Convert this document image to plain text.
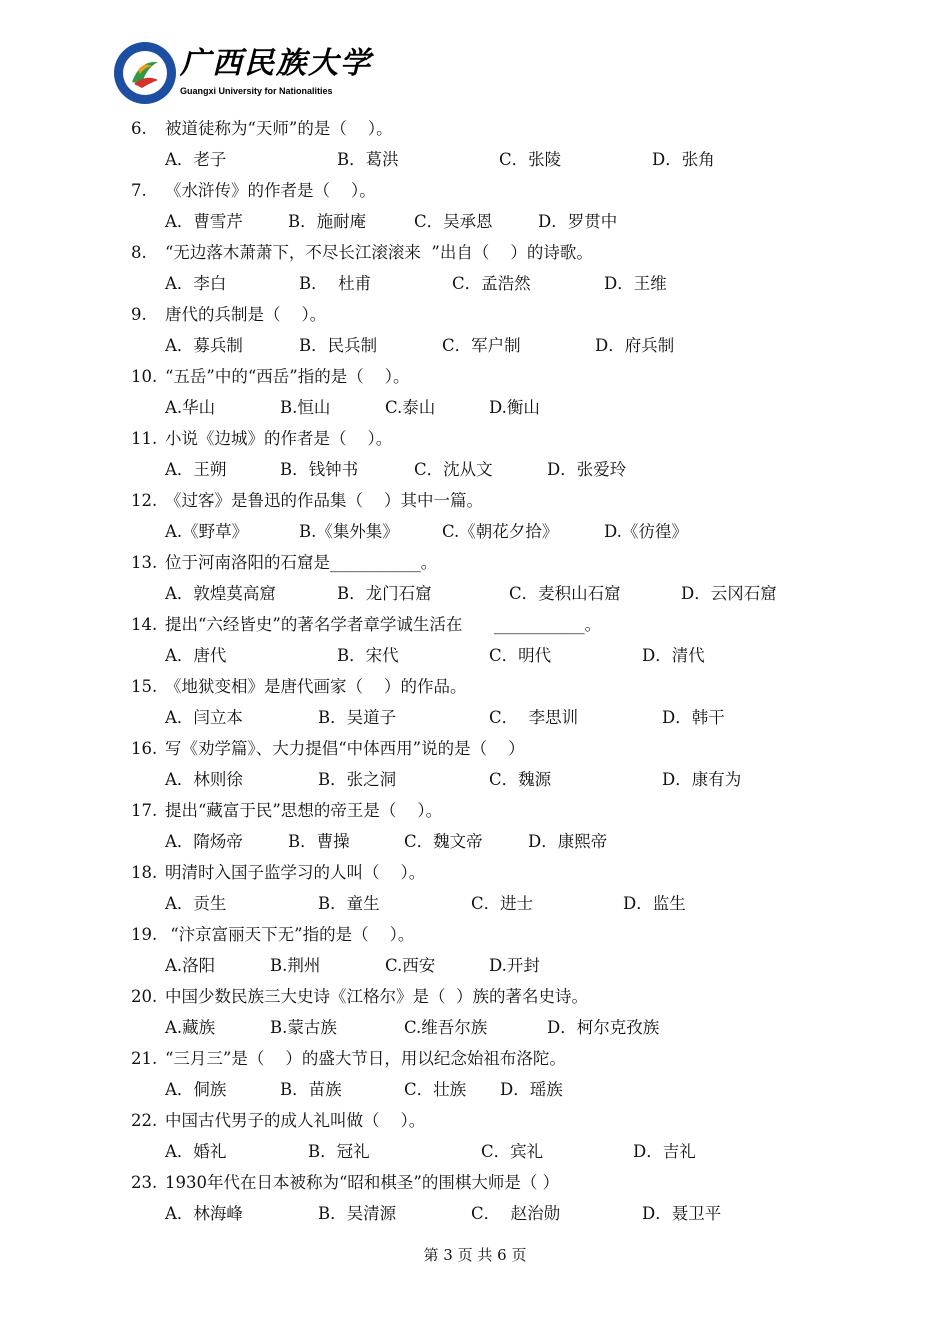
广西民族大学
Guangxi University for Nationalities
6. 被道徒称为“天师”的是（    ）。
A．老子	B．葛洪	C．张陵	D．张角
7. 《水浒传》的作者是（    ）。
A．曹雪芹	B．施耐庵	C．吴承恩	D．罗贯中
8. “无边落木萧萧下，不尽长江滚滚来  ”出自（    ）的诗歌。
A．李白	B．  杜甫	C．孟浩然	D．王维
9. 唐代的兵制是（    ）。
A．募兵制	B．民兵制	C．军户制	D．府兵制
10. “五岳”中的“西岳”指的是（    ）。
A.华山	B.恒山	C.泰山	D.衡山
11. 小说《边城》的作者是（    ）。
A．王朔	B．钱钟书	C．沈从文	D．张爱玲
12. 《过客》是鲁迅的作品集（    ）其中一篇。
A.《野草》	B.《集外集》	C.《朝花夕拾》	D.《彷徨》
13. 位于河南洛阳的石窟是___________。
A．敦煌莫高窟	B．龙门石窟	C．麦积山石窟	D．云冈石窟
14. 提出“六经皆史”的著名学者章学诚生活在      ___________。
A．唐代	B．宋代	C．明代	D．清代
15. 《地狱变相》是唐代画家（    ）的作品。
A．闫立本	B．吴道子	C．  李思训	D．韩干
16. 写《劝学篇》、大力提倡“中体西用”说的是（    ）
A．林则徐	B．张之洞	C．魏源	D．康有为
17. 提出“藏富于民”思想的帝王是（    ）。
A．隋炀帝	B．曹操	C．魏文帝	D．康熙帝
18. 明清时入国子监学习的人叫（    ）。
A．贡生	B．童生	C．进士	D．监生
19. “汴京富丽天下无”指的是（    ）。
A.洛阳	B.荆州	C.西安	D.开封
20. 中国少数民族三大史诗《江格尔》是（  ）族的著名史诗。
A.藏族	B.蒙古族	C.维吾尔族	D．柯尔克孜族
21. “三月三”是（    ）的盛大节日，用以纪念始祖布洛陀。
A．侗族	B．苗族	C．壮族 D．瑶族
22. 中国古代男子的成人礼叫做（    ）。
A．婚礼	B．冠礼	C．宾礼	D．吉礼
23. 1930年代在日本被称为“昭和棋圣”的围棋大师是（ ）
A．林海峰	B．吴清源	C．  赵治勋	D．聂卫平
第 3 页 共 6 页
